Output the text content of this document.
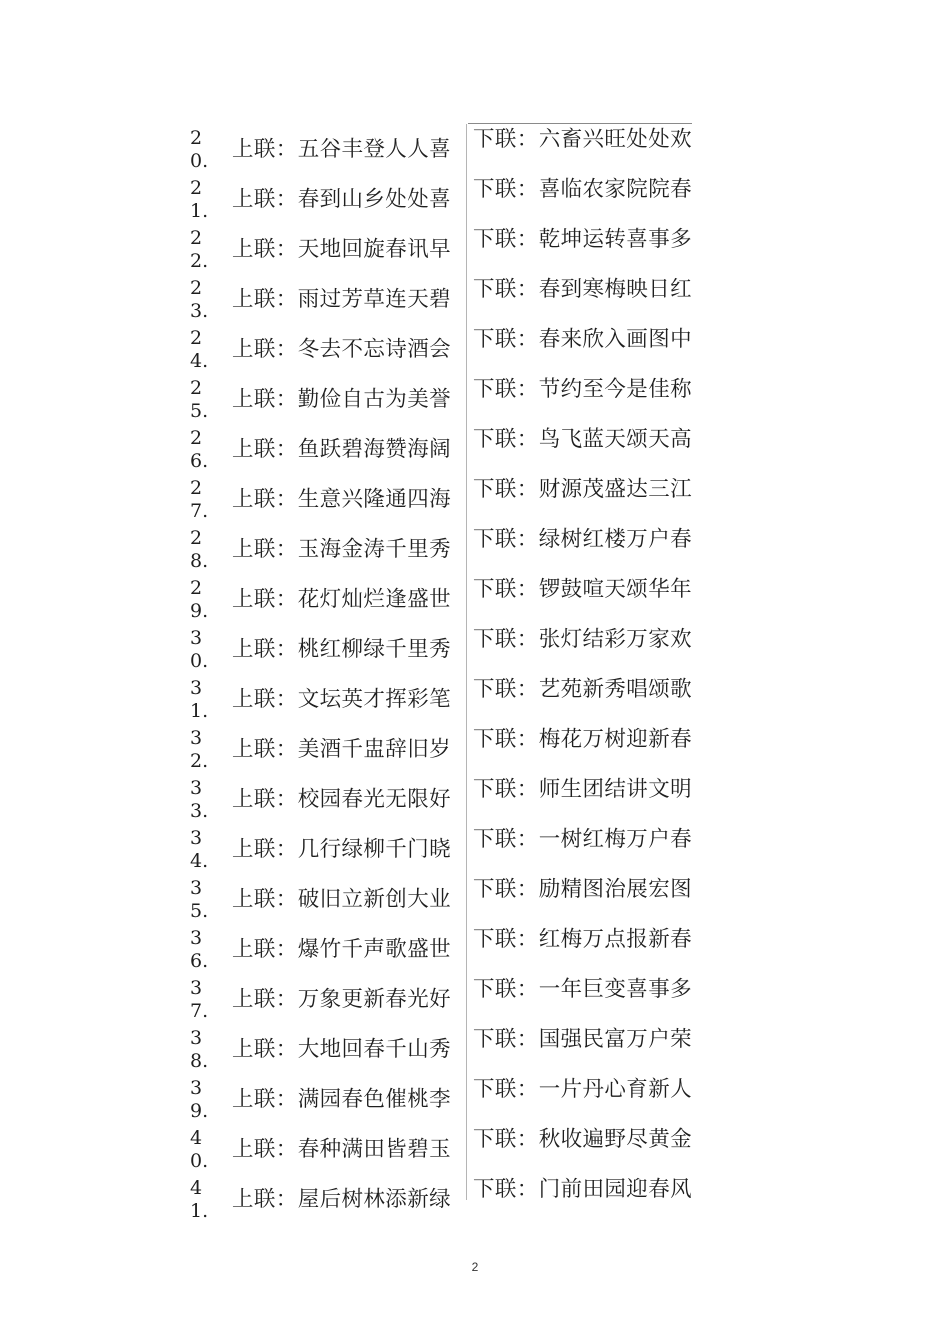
2 0. 上联：五谷丰登人人喜	下联：六畜兴旺处处欢
2 1. 上联：春到山乡处处喜	下联：喜临农家院院春
2 2. 上联：天地回旋春讯早	下联：乾坤运转喜事多
2 3. 上联：雨过芳草连天碧	下联：春到寒梅映日红
2 4. 上联：冬去不忘诗酒会	下联：春来欣入画图中
2 5. 上联：勤俭自古为美誉	下联：节约至今是佳称
2 6. 上联：鱼跃碧海赞海阔	下联：鸟飞蓝天颂天高
2 7. 上联：生意兴隆通四海	下联：财源茂盛达三江
2 8. 上联：玉海金涛千里秀	下联：绿树红楼万户春
2 9. 上联：花灯灿烂逢盛世	下联：锣鼓喧天颂华年
3 0. 上联：桃红柳绿千里秀	下联：张灯结彩万家欢
3 1. 上联：文坛英才挥彩笔	下联：艺苑新秀唱颂歌
3 2. 上联：美酒千盅辞旧岁	下联：梅花万树迎新春
3 3. 上联：校园春光无限好	下联：师生团结讲文明
3 4. 上联：几行绿柳千门晓	下联：一树红梅万户春
3 5. 上联：破旧立新创大业	下联：励精图治展宏图
3 6. 上联：爆竹千声歌盛世	下联：红梅万点报新春
3 7. 上联：万象更新春光好	下联：一年巨变喜事多
3 8. 上联：大地回春千山秀	下联：国强民富万户荣
3 9. 上联：满园春色催桃李	下联：一片丹心育新人
4 0. 上联：春种满田皆碧玉	下联：秋收遍野尽黄金
4 1. 上联：屋后树林添新绿	下联：门前田园迎春风
2
